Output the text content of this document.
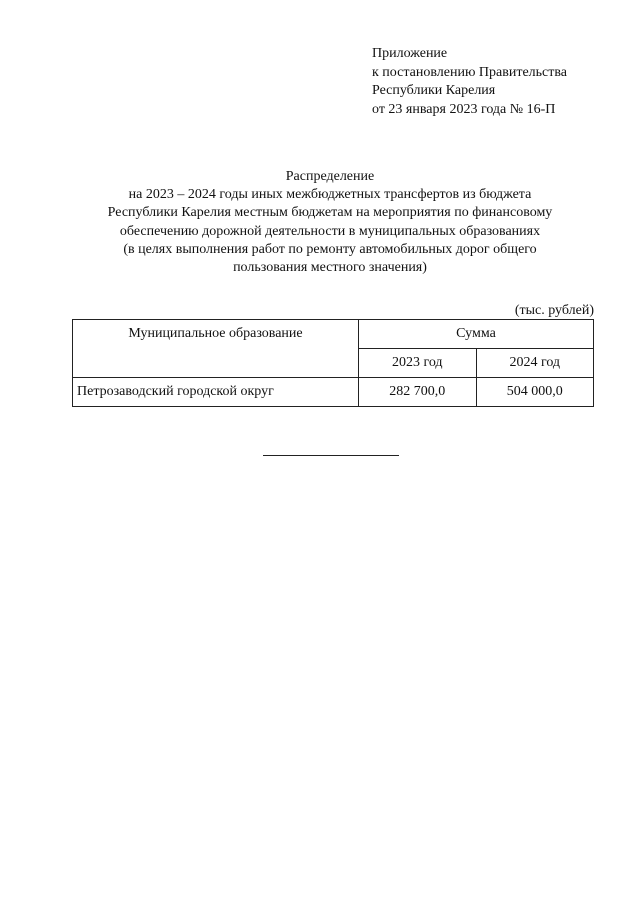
Приложение
к постановлению Правительства
Республики Карелия
от 23 января 2023 года № 16-П
Распределение
на 2023 – 2024 годы иных межбюджетных трансфертов из бюджета
Республики Карелия местным бюджетам на мероприятия по финансовому
обеспечению дорожной деятельности в муниципальных образованиях
(в целях выполнения работ по ремонту автомобильных дорог общего
пользования местного значения)
(тыс. рублей)
Муниципальное образование	Сумма	
	2023 год	2024 год
Петрозаводский городской округ	282 700,0	504 000,0
